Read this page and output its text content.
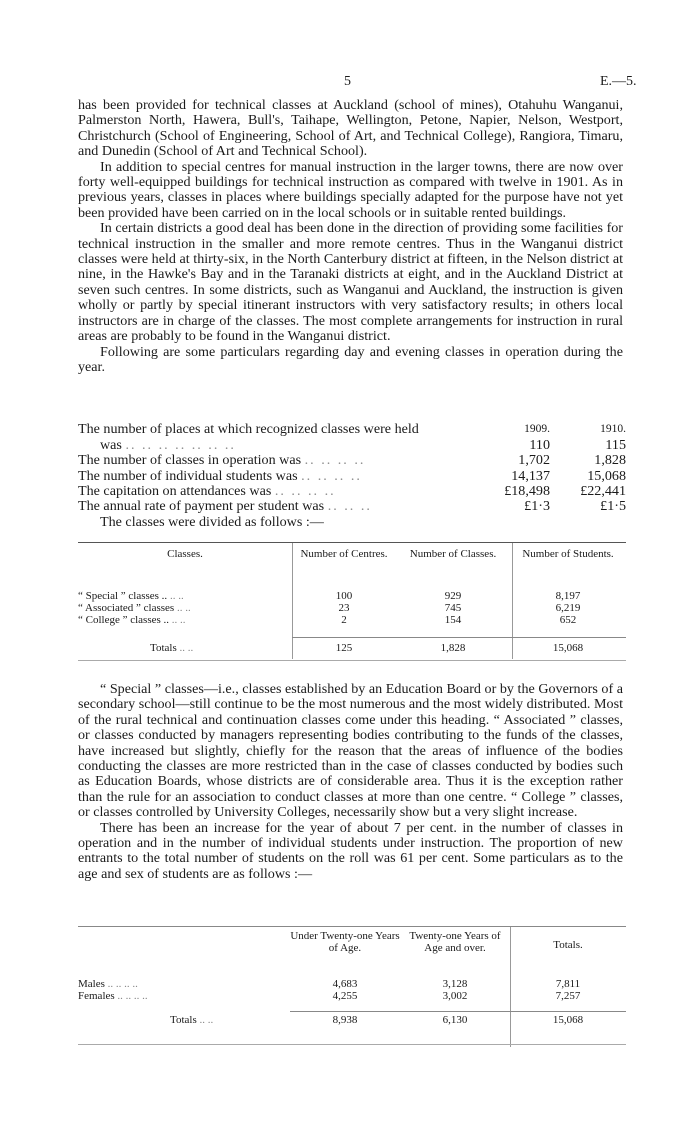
5	E.—5.

has been provided for technical classes at Auckland (school of mines), Otahuhu Wanganui, Palmerston North, Hawera, Bull's, Taihape, Wellington, Petone, Napier, Nelson, Westport, Christchurch (School of Engineering, School of Art, and Technical College), Rangiora, Timaru, and Dunedin (School of Art and Technical School).

In addition to special centres for manual instruction in the larger towns, there are now over forty well-equipped buildings for technical instruction as compared with twelve in 1901. As in previous years, classes in places where buildings specially adapted for the purpose have not yet been provided have been carried on in the local schools or in suitable rented buildings.

In certain districts a good deal has been done in the direction of providing some facilities for technical instruction in the smaller and more remote centres. Thus in the Wanganui district classes were held at thirty-six, in the North Canterbury district at fifteen, in the Nelson district at nine, in the Hawke's Bay and in the Taranaki districts at eight, and in the Auckland District at seven such centres. In some districts, such as Wanganui and Auckland, the instruction is given wholly or partly by special itinerant instructors with very satisfactory results; in others local instructors are in charge of the classes. The most complete arrangements for instruction in rural areas are probably to be found in the Wanganui district.

Following are some particulars regarding day and evening classes in operation during the year.

1909.	1910.
The number of places at which recognized classes were held
was .. .. .. .. .. .. ..	110	115
The number of classes in operation was .. .. .. ..	1,702	1,828
The number of individual students was .. .. .. ..	14,137	15,068
The capitation on attendances was .. .. .. ..	£18,498	£22,441
The annual rate of payment per student was .. .. ..	£1·3	£1·5
The classes were divided as follows :—
Classes.	Number of Centres.	Number of Classes.	Number of Students.

“ Special ” classes .. .. ..	100	929	8,197
“ Associated ” classes .. ..	23	745	6,219
“ College ” classes .. .. ..	2	154	652

Totals .. ..	125	1,828	15,068

“ Special ” classes—i.e., classes established by an Education Board or by the Governors of a secondary school—still continue to be the most numerous and the most widely distributed. Most of the rural technical and continuation classes come under this heading. “ Associated ” classes, or classes conducted by managers representing bodies contributing to the funds of the classes, have increased but slightly, chiefly for the reason that the areas of influence of the bodies conducting the classes are more restricted than in the case of classes conducted by bodies such as Education Boards, whose districts are of considerable area. Thus it is the exception rather than the rule for an association to conduct classes at more than one centre. “ College ” classes, or classes controlled by University Colleges, necessarily show but a very slight increase.

There has been an increase for the year of about 7 per cent. in the number of classes in operation and in the number of individual students under instruction. The proportion of new entrants to the total number of students on the roll was 61 per cent. Some particulars as to the age and sex of students are as follows :—

	Under Twenty-one Years of Age.	Twenty-one Years of Age and over.	Totals.

Males .. .. .. ..	4,683	3,128	7,811
Females .. .. .. ..	4,255	3,002	7,257

Totals .. ..	8,938	6,130	15,068
